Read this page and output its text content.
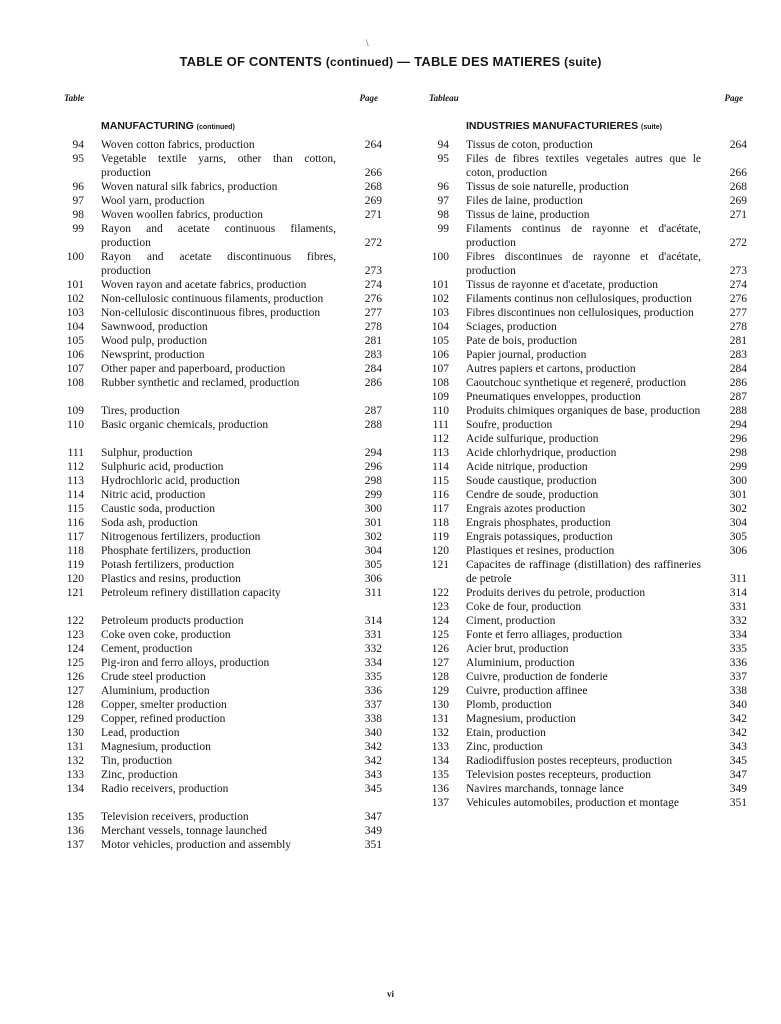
\
TABLE OF CONTENTS (continued) — TABLE DES MATIERES (suite)
Table	Page
MANUFACTURING (continued)
94 Woven cotton fabrics, production	264
95 Vegetable textile yarns, other than cotton, production	266
96 Woven natural silk fabrics, production	268
97 Wool yarn, production	269
98 Woven woollen fabrics, production	271
99 Rayon and acetate continuous filaments, production	272
100 Rayon and acetate discontinuous fibres, production	273
101 Woven rayon and acetate fabrics, production	274
102 Non-cellulosic continuous filaments, production	276
103 Non-cellulosic discontinuous fibres, production	277
104 Sawnwood, production	278
105 Wood pulp, production	281
106 Newsprint, production	283
107 Other paper and paperboard, production	284
108 Rubber synthetic and reclamed, production	286
109 Tires, production	287
110 Basic organic chemicals, production	288
111 Sulphur, production	294
112 Sulphuric acid, production	296
113 Hydrochloric acid, production	298
114 Nitric acid, production	299
115 Caustic soda, production	300
116 Soda ash, production	301
117 Nitrogenous fertilizers, production	302
118 Phosphate fertilizers, production	304
119 Potash fertilizers, production	305
120 Plastics and resins, production	306
121 Petroleum refinery distillation capacity	311
122 Petroleum products production	314
123 Coke oven coke, production	331
124 Cement, production	332
125 Pig-iron and ferro alloys, production	334
126 Crude steel production	335
127 Aluminium, production	336
128 Copper, smelter production	337
129 Copper, refined production	338
130 Lead, production	340
131 Magnesium, production	342
132 Tin, production	342
133 Zinc, production	343
134 Radio receivers, production	345
135 Television receivers, production	347
136 Merchant vessels, tonnage launched	349
137 Motor vehicles, production and assembly	351
Tableau	Page
INDUSTRIES MANUFACTURIERES (suite)
94 Tissus de coton, production	264
95 Files de fibres textiles vegetales autres que le coton, production	266
96 Tissus de soie naturelle, production	268
97 Files de laine, production	269
98 Tissus de laine, production	271
99 Filaments continus de rayonne et d'acétate, production	272
100 Fibres discontinues de rayonne et d'acétate, production	273
101 Tissus de rayonne et d'acetate, production	274
102 Filaments continus non cellulosiques, production	276
103 Fibres discontinues non cellulosiques, production	277
104 Sciages, production	278
105 Pate de bois, production	281
106 Papier journal, production	283
107 Autres papiers et cartons, production	284
108 Caoutchouc synthetique et regeneré, production	286
109 Pneumatiques enveloppes, production	287
110 Produits chimiques organiques de base, production	288
111 Soufre, production	294
112 Acide sulfurique, production	296
113 Acide chlorhydrique, production	298
114 Acide nitrique, production	299
115 Soude caustique, production	300
116 Cendre de soude, production	301
117 Engrais azotes production	302
118 Engrais phosphates, production	304
119 Engrais potassiques, production	305
120 Plastiques et resines, production	306
121 Capacites de raffinage (distillation) des raffineries de petrole	311
122 Produits derives du petrole, production	314
123 Coke de four, production	331
124 Ciment, production	332
125 Fonte et ferro alliages, production	334
126 Acier brut, production	335
127 Aluminium, production	336
128 Cuivre, production de fonderie	337
129 Cuivre, production affinee	338
130 Plomb, production	340
131 Magnesium, production	342
132 Etain, production	342
133 Zinc, production	343
134 Radiodiffusion postes recepteurs, production	345
135 Television postes recepteurs, production	347
136 Navires marchands, tonnage lance	349
137 Vehicules automobiles, production et montage	351
vi
